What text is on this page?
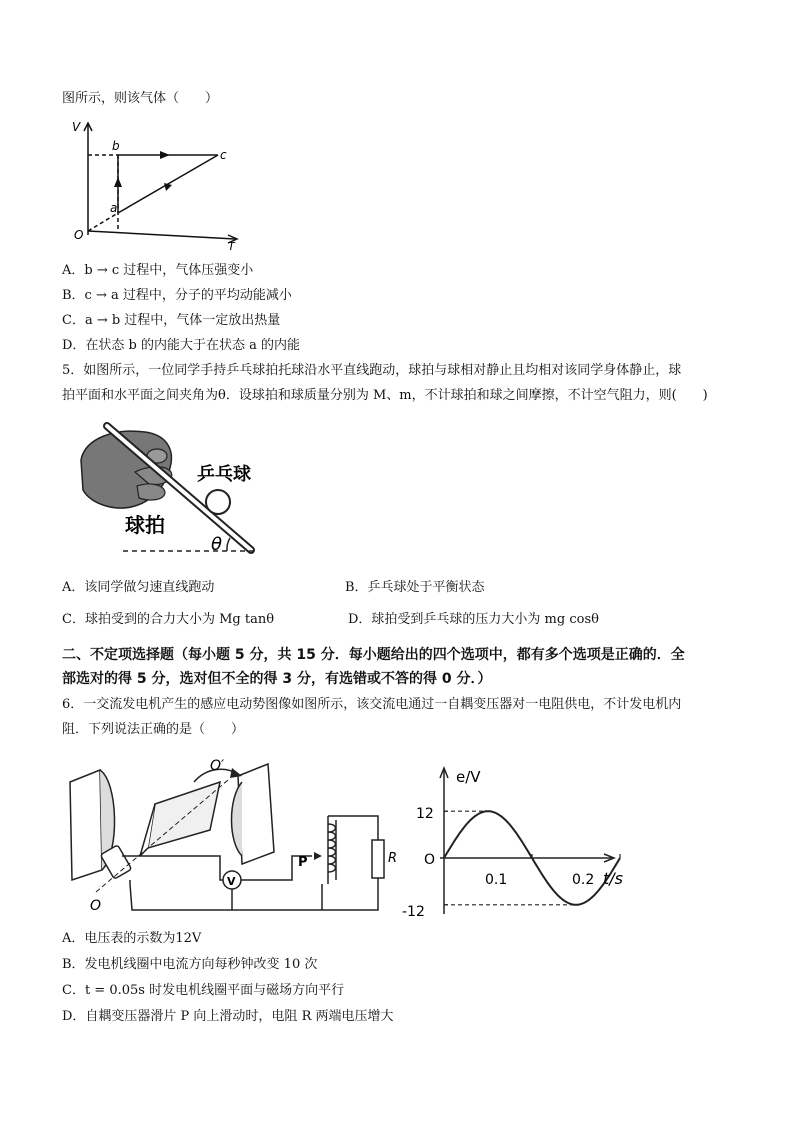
图所示，则该气体（　　）
V
T
O
a
b
c
A．b → c 过程中，气体压强变小
B．c → a 过程中，分子的平均动能减小
C．a → b 过程中，气体一定放出热量
D．在状态 b 的内能大于在状态 a 的内能
5．如图所示，一位同学手持乒乓球拍托球沿水平直线跑动，球拍与球相对静止且均相对该同学身体静止，球
拍平面和水平面之间夹角为θ．设球拍和球质量分别为 M、m，不计球拍和球之间摩擦，不计空气阻力，则(　　)
θ
乒乓球
球拍
A．该同学做匀速直线跑动	B．乒乓球处于平衡状态
C．球拍受到的合力大小为 Mg tanθ	D．球拍受到乒乓球的压力大小为 mg cosθ
二、不定项选择题（每小题 5 分，共 15 分．每小题给出的四个选项中，都有多个选项是正确的．全
部选对的得 5 分，选对但不全的得 3 分，有选错或不答的得 0 分．）
6．一交流发电机产生的感应电动势图像如图所示，该交流电通过一自耦变压器对一电阻供电，不计发电机内
阻．下列说法正确的是（　　）
O′
O
V
P	R
e/V
t/s
O
12
-12
0.1	0.2
A．电压表的示数为12V
B．发电机线圈中电流方向每秒钟改变 10 次
C．t = 0.05s 时发电机线圈平面与磁场方向平行
D．自耦变压器滑片 P 向上滑动时，电阻 R 两端电压增大
